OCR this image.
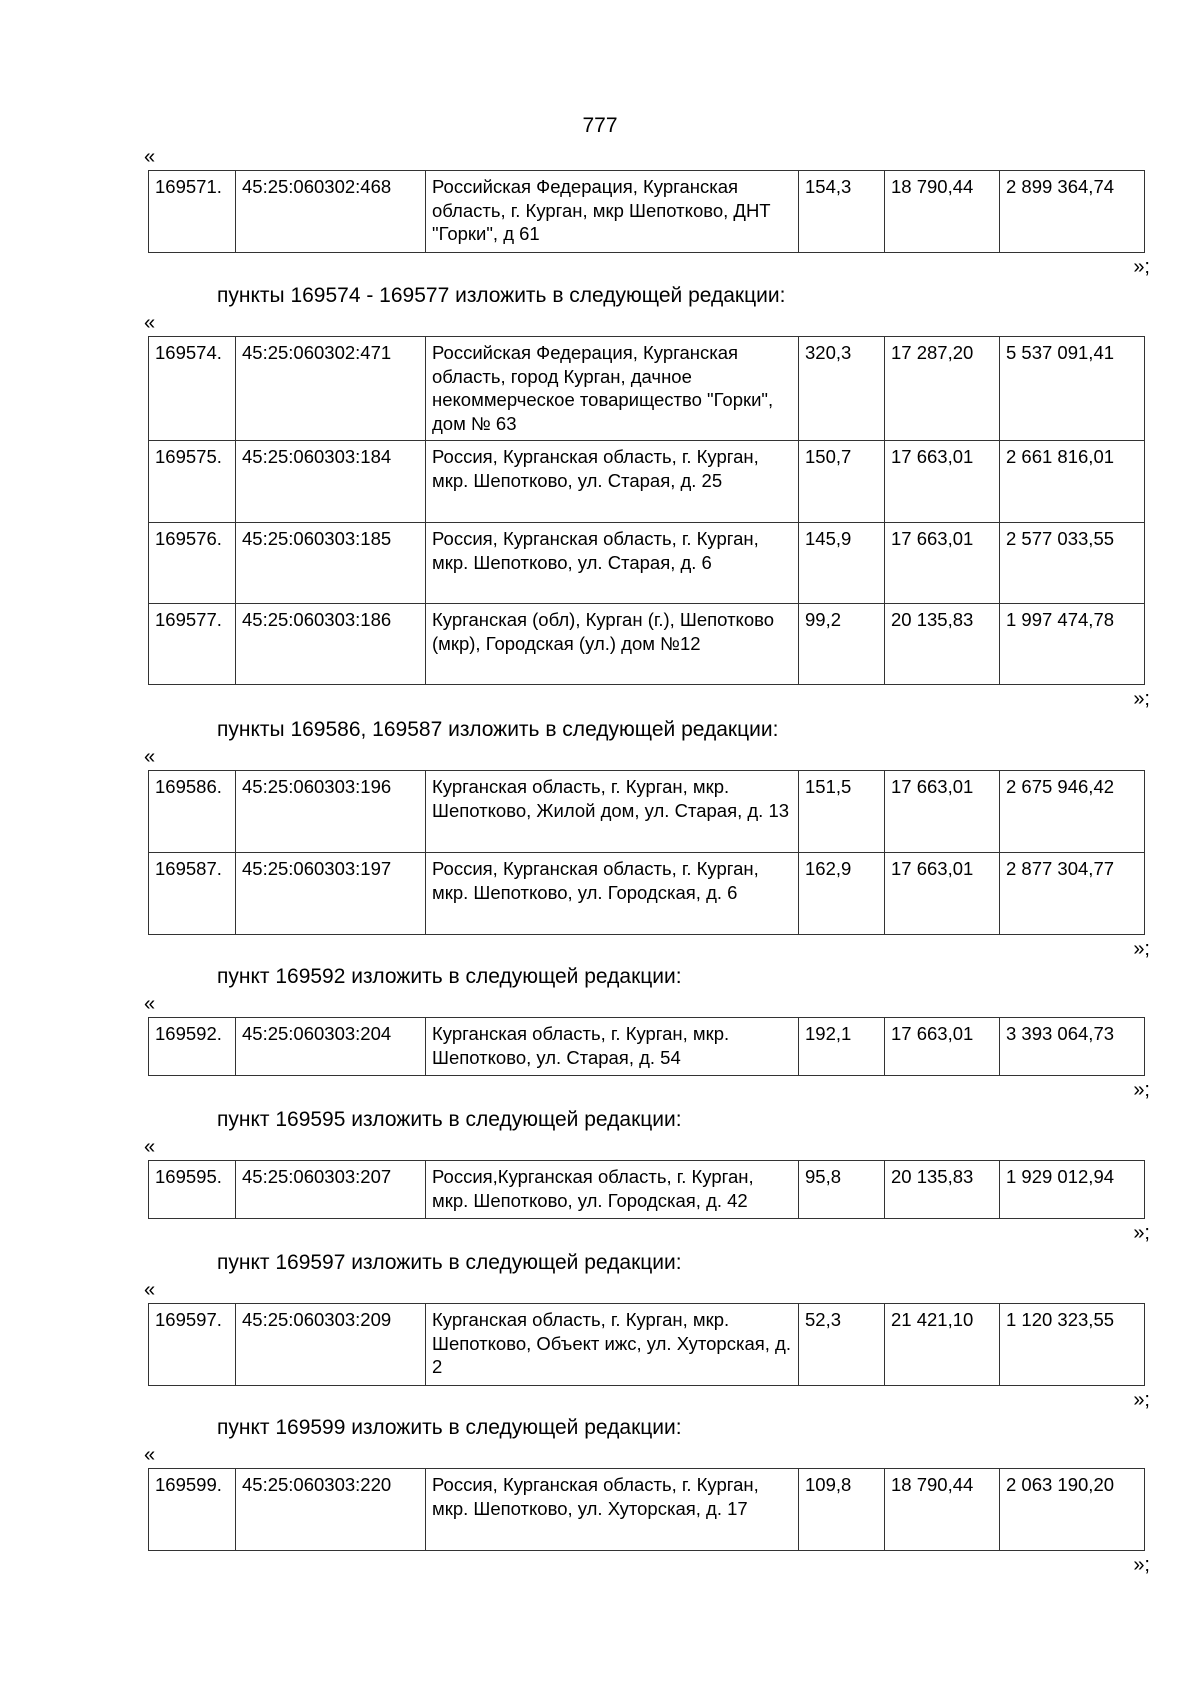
777
«
169571.	45:25:060302:468	Российская Федерация, Курганская область, г. Курган, мкр Шепотково, ДНТ "Горки", д 61	154,3	18 790,44	2 899 364,74
»;
пункты 169574 - 169577 изложить в следующей редакции:
«
169574.	45:25:060302:471	Российская Федерация, Курганская область, город Курган, дачное некоммерческое товарищество "Горки", дом № 63	320,3	17 287,20	5 537 091,41
169575.	45:25:060303:184	Россия, Курганская область, г. Курган, мкр. Шепотково, ул. Старая, д. 25	150,7	17 663,01	2 661 816,01
169576.	45:25:060303:185	Россия, Курганская область, г. Курган, мкр. Шепотково, ул. Старая, д. 6	145,9	17 663,01	2 577 033,55
169577.	45:25:060303:186	Курганская (обл), Курган (г.), Шепотково (мкр), Городская (ул.) дом №12	99,2	20 135,83	1 997 474,78
»;
пункты 169586, 169587 изложить в следующей редакции:
«
169586.	45:25:060303:196	Курганская область, г. Курган, мкр. Шепотково, Жилой дом, ул. Старая, д. 13	151,5	17 663,01	2 675 946,42
169587.	45:25:060303:197	Россия, Курганская область, г. Курган, мкр. Шепотково, ул. Городская, д. 6	162,9	17 663,01	2 877 304,77
»;
пункт 169592 изложить в следующей редакции:
«
169592.	45:25:060303:204	Курганская область, г. Курган, мкр. Шепотково, ул. Старая, д. 54	192,1	17 663,01	3 393 064,73
»;
пункт 169595 изложить в следующей редакции:
«
169595.	45:25:060303:207	Россия,Курганская область, г. Курган, мкр. Шепотково, ул. Городская, д. 42	95,8	20 135,83	1 929 012,94
»;
пункт 169597 изложить в следующей редакции:
«
169597.	45:25:060303:209	Курганская область, г. Курган, мкр. Шепотково, Объект ижс, ул. Хуторская, д. 2	52,3	21 421,10	1 120 323,55
»;
пункт 169599 изложить в следующей редакции:
«
169599.	45:25:060303:220	Россия, Курганская область, г. Курган, мкр. Шепотково, ул. Хуторская, д. 17	109,8	18 790,44	2 063 190,20
»;
